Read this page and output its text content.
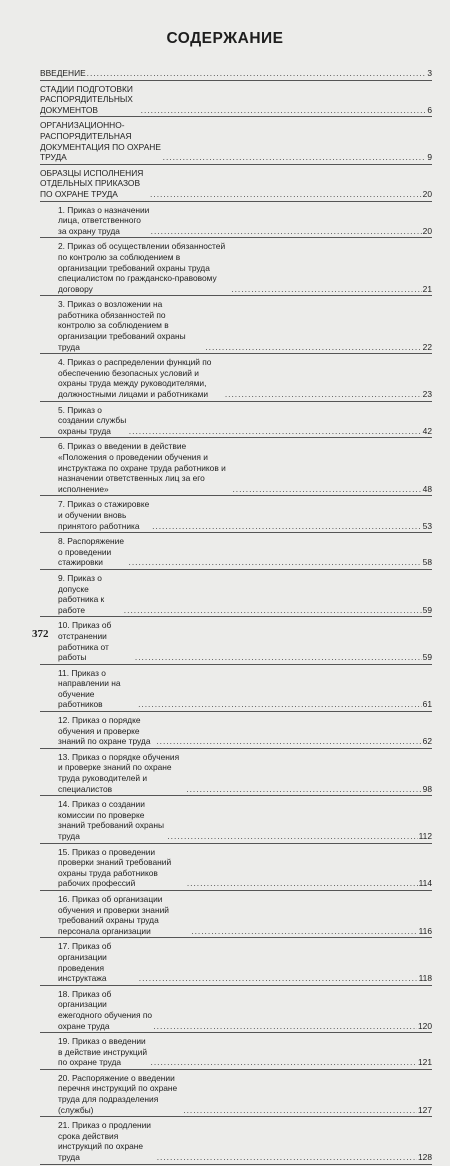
СОДЕРЖАНИЕ
ВВЕДЕНИЕ .....	3
СТАДИИ ПОДГОТОВКИ РАСПОРЯДИТЕЛЬНЫХ ДОКУМЕНТОВ .....	6
ОРГАНИЗАЦИОННО-РАСПОРЯДИТЕЛЬНАЯ ДОКУМЕНТАЦИЯ ПО ОХРАНЕ ТРУДА .....	9
ОБРАЗЦЫ ИСПОЛНЕНИЯ ОТДЕЛЬНЫХ ПРИКАЗОВ ПО ОХРАНЕ ТРУДА .....	20
1. Приказ о назначении лица, ответственного за охрану труда .....	20
2. Приказ об осуществлении обязанностей по контролю за соблюдением в организации требований охраны труда специалистом по гражданско-правовому договору .....	21
3. Приказ о возложении на работника обязанностей по контролю за соблюдением в организации требований охраны труда .....	22
4. Приказ о распределении функций по обеспечению безопасных условий и охраны труда между руководителями, должностными лицами и работниками .....	23
5. Приказ о создании службы охраны труда .....	42
6. Приказ о введении в действие «Положения о проведении обучения и инструктажа по охране труда работников и назначении ответственных лиц за его исполнение» .....	48
7. Приказ о стажировке и обучении вновь принятого работника .....	53
8. Распоряжение о проведении стажировки .....	58
9. Приказ о допуске работника к работе .....	59
10. Приказ об отстранении работника от работы .....	59
11. Приказ о направлении на обучение работников .....	61
12. Приказ о порядке обучения и проверке знаний по охране труда .....	62
13. Приказ о порядке обучения и проверке знаний по охране труда руководителей и специалистов .....	98
14. Приказ о создании комиссии по проверке знаний требований охраны труда .....	112
15. Приказ о проведении проверки знаний требований охраны труда работников рабочих профессий .....	114
16. Приказ об организации обучения и проверки знаний требований охраны труда персонала организации .....	116
17. Приказ об организации проведения инструктажа .....	118
18. Приказ об организации ежегодного обучения по охране труда .....	120
19. Приказ о введении в действие инструкций по охране труда .....	121
20. Распоряжение о введении перечня инструкций по охране труда для подразделения (службы) .....	127
21. Приказ о продлении срока действия инструкций по охране труда .....	128
372
